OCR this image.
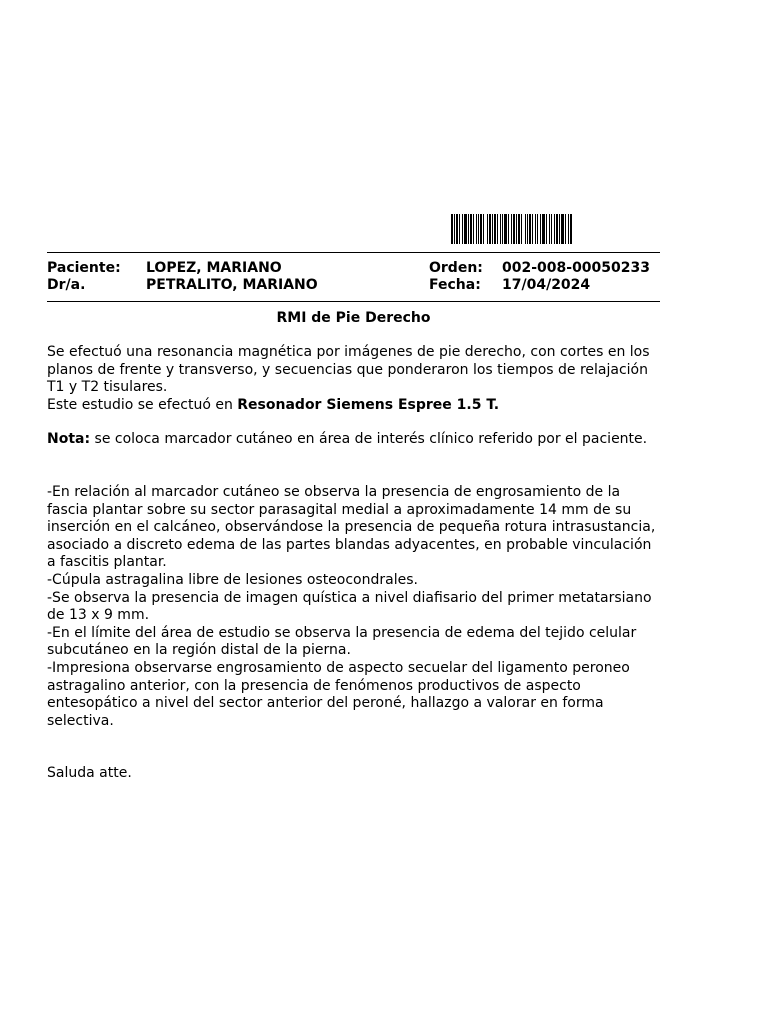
Paciente: LOPEZ, MARIANO	Orden: 002-008-00050233
Dr/a.	PETRALITO, MARIANO	Fecha: 17/04/2024
RMI de Pie Derecho

Se efectuó una resonancia magnética por imágenes de pie derecho, con cortes en los planos de frente y transverso, y secuencias que ponderaron los tiempos de relajación T1 y T2 tisulares.

Este estudio se efectuó en Resonador Siemens Espree 1.5 T.

Nota: se coloca marcador cutáneo en área de interés clínico referido por el paciente.

-En relación al marcador cutáneo se observa la presencia de engrosamiento de la fascia plantar sobre su sector parasagital medial a aproximadamente 14 mm de su inserción en el calcáneo, observándose la presencia de pequeña rotura intrasustancia, asociado a discreto edema de las partes blandas adyacentes, en probable vinculación a fascitis plantar.

-Cúpula astragalina libre de lesiones osteocondrales.

-Se observa la presencia de imagen quística a nivel diafisario del primer metatarsiano de 13 x 9 mm.

-En el límite del área de estudio se observa la presencia de edema del tejido celular subcutáneo en la región distal de la pierna.

-Impresiona observarse engrosamiento de aspecto secuelar del ligamento peroneo astragalino anterior, con la presencia de fenómenos productivos de aspecto entesopático a nivel del sector anterior del peroné, hallazgo a valorar en forma selectiva.

Saluda atte.
